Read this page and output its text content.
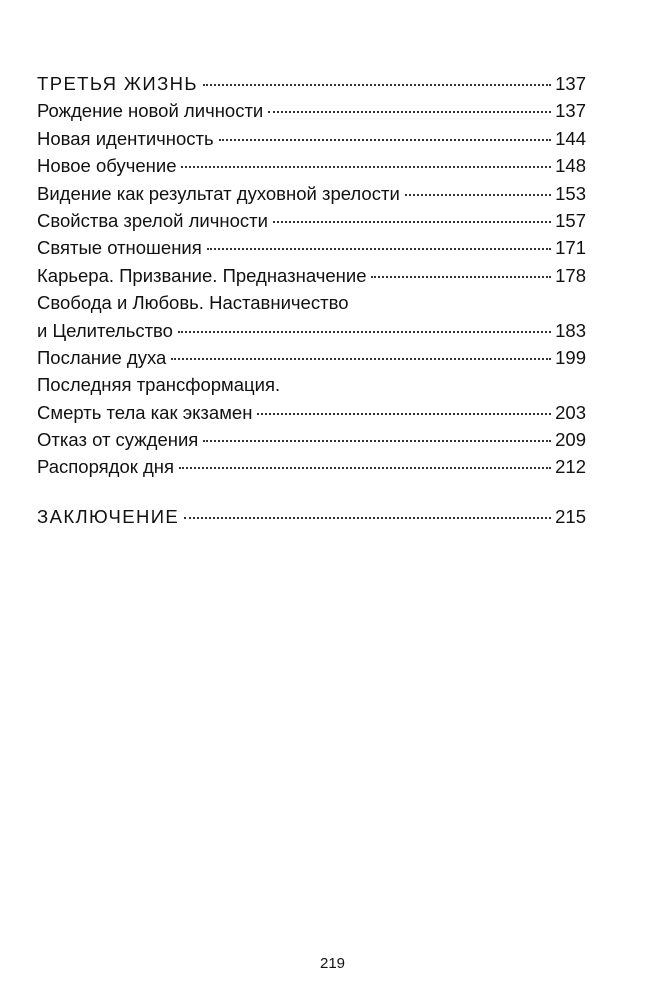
ТРЕТЬЯ ЖИЗНЬ	137
Рождение новой личности	137
Новая идентичность	144
Новое обучение	148
Видение как результат духовной зрелости	153
Свойства зрелой личности	157
Святые отношения	171
Карьера. Призвание. Предназначение	178
Свобода и Любовь. Наставничество
и Целительство	183
Послание духа	199
Последняя трансформация.
Смерть тела как экзамен	203
Отказ от суждения	209
Распорядок дня	212
ЗАКЛЮЧЕНИЕ	215
219
